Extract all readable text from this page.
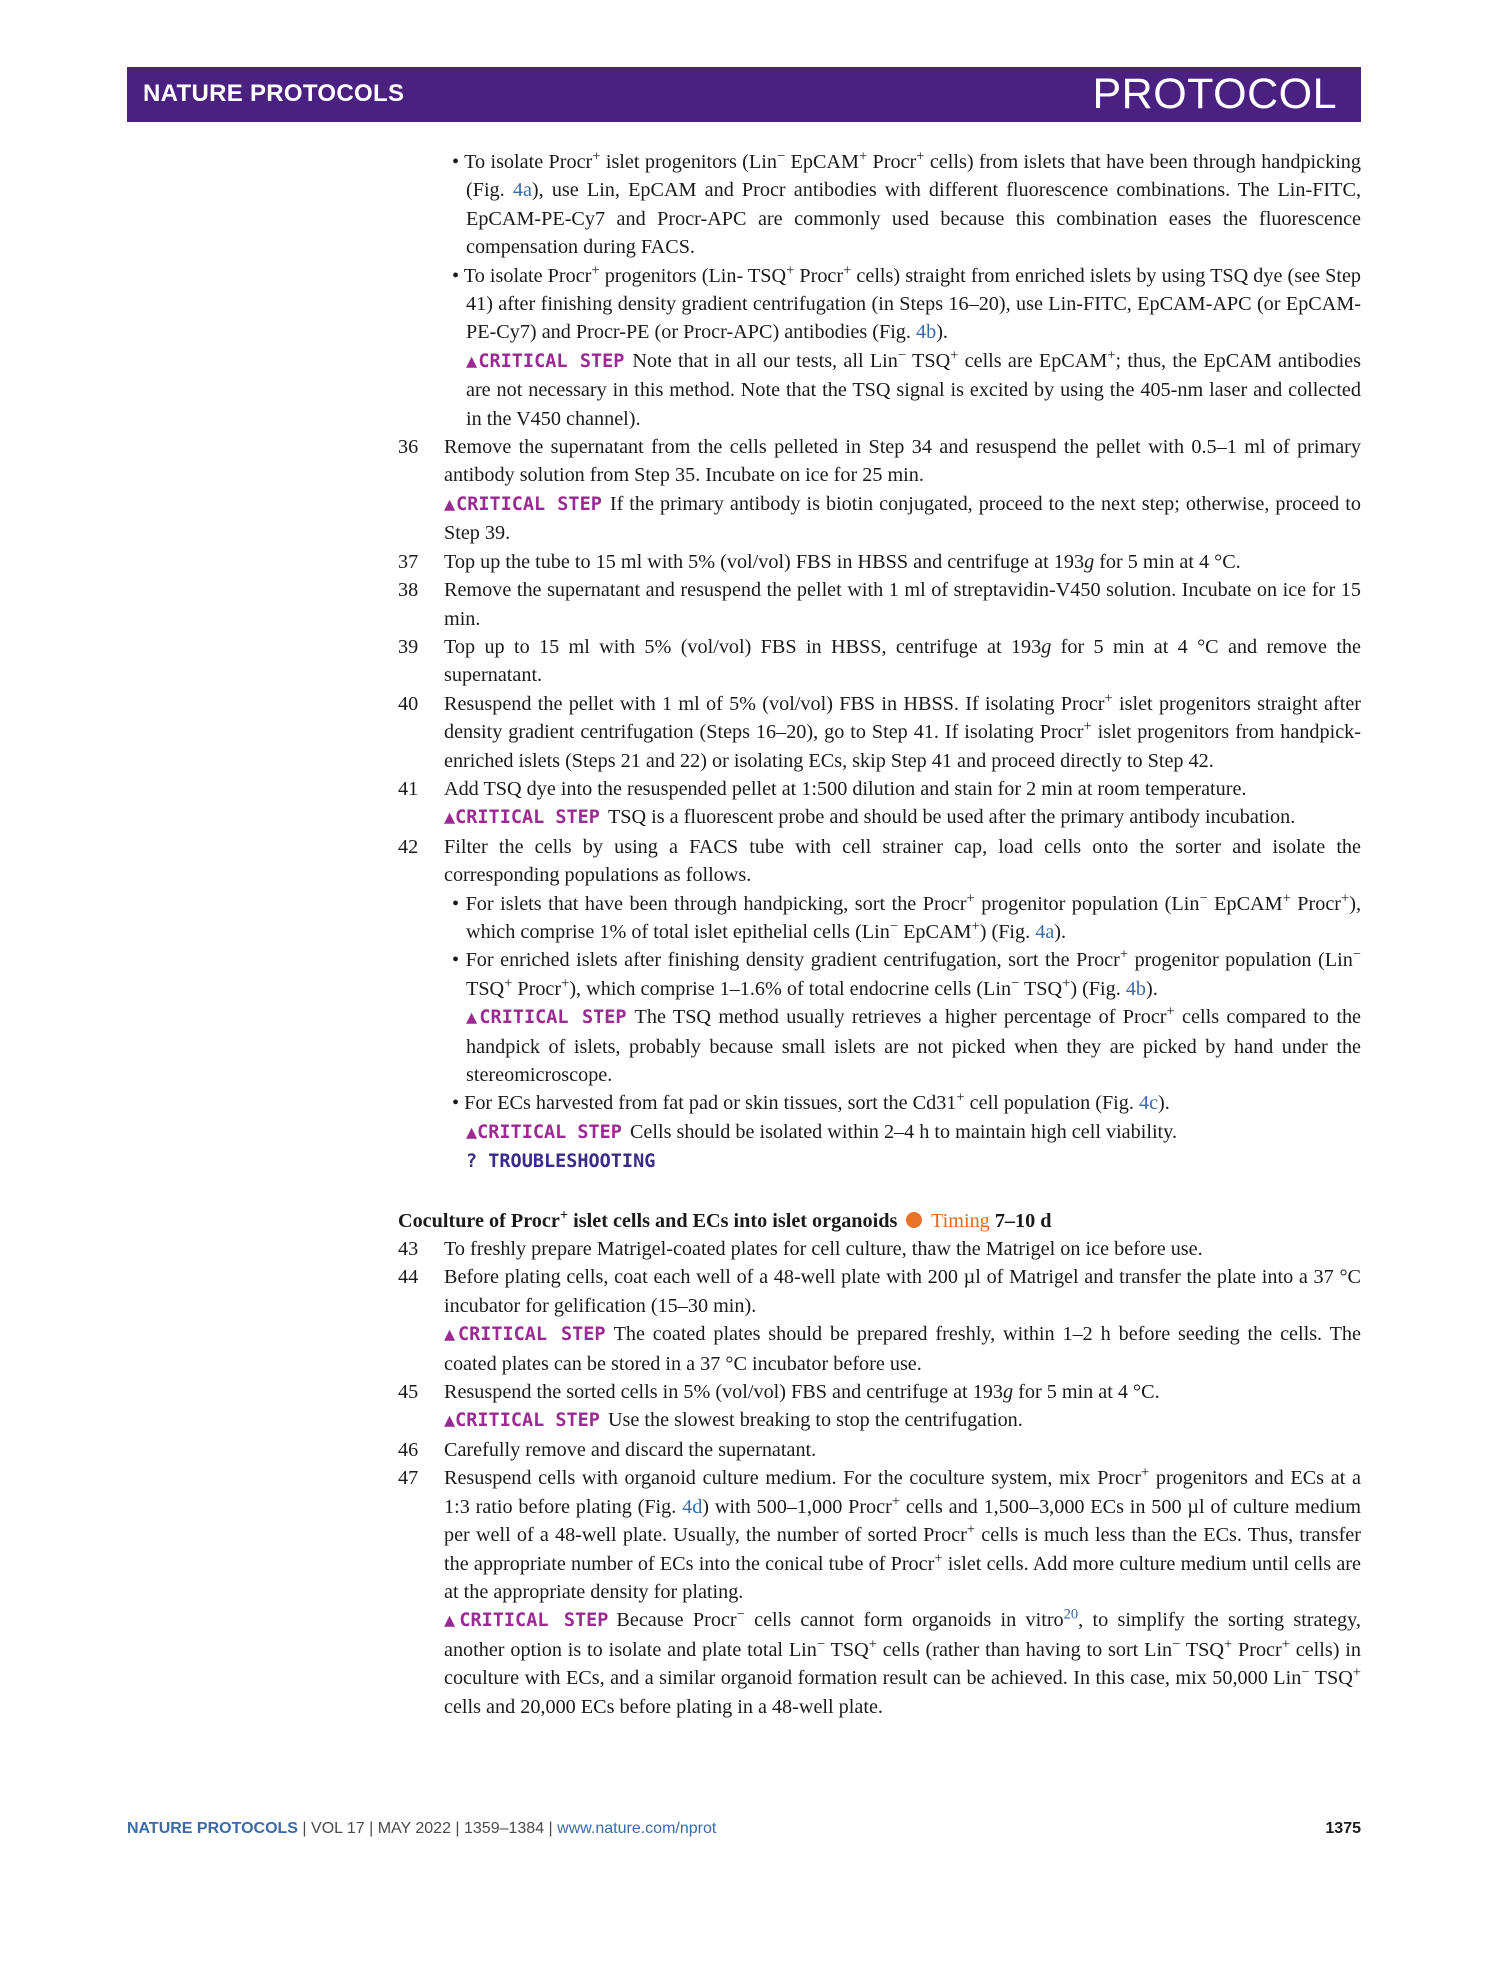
NATURE PROTOCOLS	PROTOCOL

• To isolate Procr+ islet progenitors (Lin− EpCAM+ Procr+ cells) from islets that have been through handpicking (Fig. 4a), use Lin, EpCAM and Procr antibodies with different fluorescence combinations. The Lin-FITC, EpCAM-PE-Cy7 and Procr-APC are commonly used because this combination eases the fluorescence compensation during FACS.

• To isolate Procr+ progenitors (Lin- TSQ+ Procr+ cells) straight from enriched islets by using TSQ dye (see Step 41) after finishing density gradient centrifugation (in Steps 16–20), use Lin-FITC, EpCAM-APC (or EpCAM-PE-Cy7) and Procr-PE (or Procr-APC) antibodies (Fig. 4b).

▲CRITICAL STEP Note that in all our tests, all Lin− TSQ+ cells are EpCAM+; thus, the EpCAM antibodies are not necessary in this method. Note that the TSQ signal is excited by using the 405-nm laser and collected in the V450 channel).

36 Remove the supernatant from the cells pelleted in Step 34 and resuspend the pellet with 0.5–1 ml of primary antibody solution from Step 35. Incubate on ice for 25 min.

▲CRITICAL STEP If the primary antibody is biotin conjugated, proceed to the next step; otherwise, proceed to Step 39.

37 Top up the tube to 15 ml with 5% (vol/vol) FBS in HBSS and centrifuge at 193g for 5 min at 4 °C.

38 Remove the supernatant and resuspend the pellet with 1 ml of streptavidin-V450 solution. Incubate on ice for 15 min.

39 Top up to 15 ml with 5% (vol/vol) FBS in HBSS, centrifuge at 193g for 5 min at 4 °C and remove the supernatant.

40 Resuspend the pellet with 1 ml of 5% (vol/vol) FBS in HBSS. If isolating Procr+ islet progenitors straight after density gradient centrifugation (Steps 16–20), go to Step 41. If isolating Procr+ islet progenitors from handpick-enriched islets (Steps 21 and 22) or isolating ECs, skip Step 41 and proceed directly to Step 42.

41 Add TSQ dye into the resuspended pellet at 1:500 dilution and stain for 2 min at room temperature.

▲CRITICAL STEP TSQ is a fluorescent probe and should be used after the primary antibody incubation.

42 Filter the cells by using a FACS tube with cell strainer cap, load cells onto the sorter and isolate the corresponding populations as follows.

• For islets that have been through handpicking, sort the Procr+ progenitor population (Lin− EpCAM+ Procr+), which comprise 1% of total islet epithelial cells (Lin− EpCAM+) (Fig. 4a).

• For enriched islets after finishing density gradient centrifugation, sort the Procr+ progenitor population (Lin− TSQ+ Procr+), which comprise 1–1.6% of total endocrine cells (Lin− TSQ+) (Fig. 4b).

▲CRITICAL STEP The TSQ method usually retrieves a higher percentage of Procr+ cells compared to the handpick of islets, probably because small islets are not picked when they are picked by hand under the stereomicroscope.

• For ECs harvested from fat pad or skin tissues, sort the Cd31+ cell population (Fig. 4c).

▲CRITICAL STEP Cells should be isolated within 2–4 h to maintain high cell viability.

? TROUBLESHOOTING

Coculture of Procr+ islet cells and ECs into islet organoids  Timing 7–10 d

43 To freshly prepare Matrigel-coated plates for cell culture, thaw the Matrigel on ice before use.

44 Before plating cells, coat each well of a 48-well plate with 200 µl of Matrigel and transfer the plate into a 37 °C incubator for gelification (15–30 min).

▲CRITICAL STEP The coated plates should be prepared freshly, within 1–2 h before seeding the cells. The coated plates can be stored in a 37 °C incubator before use.

45 Resuspend the sorted cells in 5% (vol/vol) FBS and centrifuge at 193g for 5 min at 4 °C.

▲CRITICAL STEP Use the slowest breaking to stop the centrifugation.

46 Carefully remove and discard the supernatant.

47 Resuspend cells with organoid culture medium. For the coculture system, mix Procr+ progenitors and ECs at a 1:3 ratio before plating (Fig. 4d) with 500–1,000 Procr+ cells and 1,500–3,000 ECs in 500 µl of culture medium per well of a 48-well plate. Usually, the number of sorted Procr+ cells is much less than the ECs. Thus, transfer the appropriate number of ECs into the conical tube of Procr+ islet cells. Add more culture medium until cells are at the appropriate density for plating.

▲CRITICAL STEP Because Procr− cells cannot form organoids in vitro$^{20}$, to simplify the sorting strategy, another option is to isolate and plate total Lin− TSQ+ cells (rather than having to sort Lin− TSQ+ Procr+ cells) in coculture with ECs, and a similar organoid formation result can be achieved. In this case, mix 50,000 Lin− TSQ+ cells and 20,000 ECs before plating in a 48-well plate.

NATURE PROTOCOLS | VOL 17 | MAY 2022 | 1359–1384 | www.nature.com/nprot	1375
